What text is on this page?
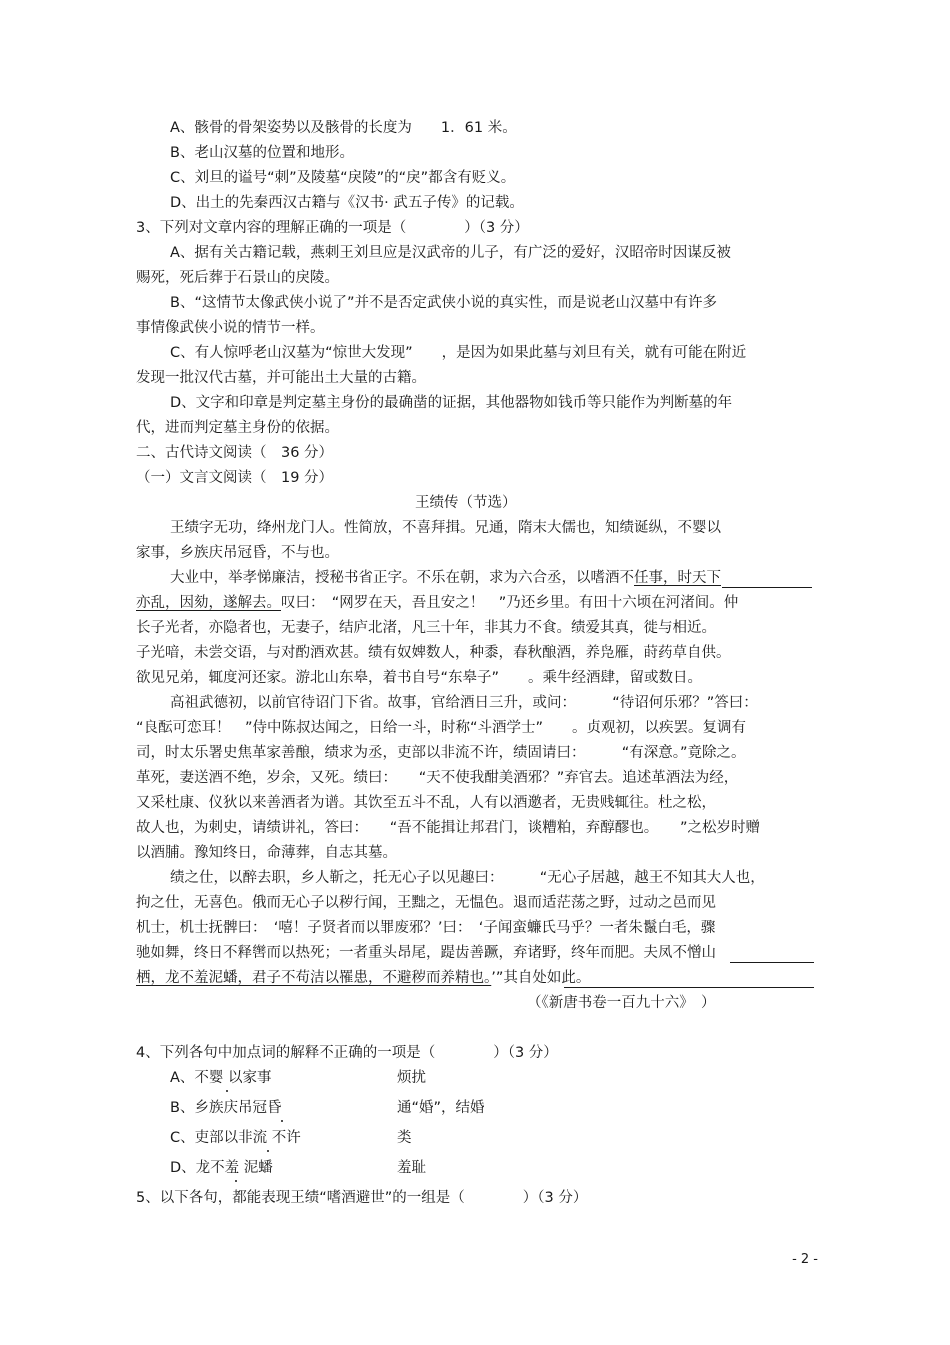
A、骸骨的骨架姿势以及骸骨的长度为　　1．61 米。
B、老山汉墓的位置和地形。
C、刘旦的谥号“刺”及陵墓“戾陵”的“戾”都含有贬义。
D、出土的先秦西汉古籍与《汉书· 武五子传》的记载。
3、下列对文章内容的理解正确的一项是（　　　　）（3 分）
A、据有关古籍记载，燕刺王刘旦应是汉武帝的儿子，有广泛的爱好，汉昭帝时因谋反被
赐死，死后葬于石景山的戾陵。
B、“这情节太像武侠小说了”并不是否定武侠小说的真实性，而是说老山汉墓中有许多
事情像武侠小说的情节一样。
C、有人惊呼老山汉墓为“惊世大发现”　　，是因为如果此墓与刘旦有关，就有可能在附近
发现一批汉代古墓，并可能出土大量的古籍。
D、文字和印章是判定墓主身份的最确凿的证据，其他器物如钱币等只能作为判断墓的年
代，进而判定墓主身份的依据。
二、古代诗文阅读（　36 分）
（一）文言文阅读（　19 分）
王绩传（节选）
王绩字无功，绛州龙门人。性简放，不喜拜揖。兄通，隋末大儒也，知绩诞纵，不婴以
家事，乡族庆吊冠昏，不与也。
大业中，举孝悌廉洁，授秘书省正字。不乐在朝，求为六合丞，以嗜酒不任事，时天下
亦乱，因劾，遂解去。叹曰：　“网罗在天，吾且安之！　”乃还乡里。有田十六顷在河渚间。仲
长子光者，亦隐者也，无妻子，结庐北渚，凡三十年，非其力不食。绩爱其真，徙与相近。
子光喑，未尝交语，与对酌酒欢甚。绩有奴婢数人，种黍，春秋酿酒，养凫雁，莳药草自供。
欲见兄弟，辄度河还家。游北山东皋，着书自号“东皋子”　　。乘牛经酒肆，留或数日。
高祖武德初，以前官待诏门下省。故事，官给酒日三升，或问：　　　“待诏何乐邪？”答曰：
“良酝可恋耳！　”侍中陈叔达闻之，日给一斗，时称“斗酒学士”　　。贞观初，以疾罢。复调有
司，时太乐署史焦革家善酿，绩求为丞，吏部以非流不许，绩固请曰：　　　“有深意。”竟除之。
革死，妻送酒不绝，岁余，又死。绩曰：　　“天不使我酣美酒邪？”弃官去。追述革酒法为经，
又采杜康、仪狄以来善酒者为谱。其饮至五斗不乱，人有以酒邀者，无贵贱辄往。杜之松，
故人也，为刺史，请绩讲礼，答曰：　　“吾不能揖让邦君门，谈糟粕，弃醇醪也。　　”之松岁时赠
以酒脯。豫知终日，命薄葬，自志其墓。
绩之仕，以醉去职，乡人靳之，托无心子以见趣曰：　　　“无心子居越，越王不知其大人也，
拘之仕，无喜色。俄而无心子以秽行闻，王黜之，无愠色。退而适茫荡之野，过动之邑而见
机士，机士抚髀曰：　‘嘻！子贤者而以罪废邪？’曰：　‘子闻蛮蠊氏马乎？一者朱鬣白毛，骤
驰如舞，终日不释辔而以热死；一者重头昂尾，踶齿善蹶，弃诸野，终年而肥。夫凤不憎山
栖，龙不羞泥蟠，君子不苟洁以罹患，不避秽而养精也。’”其自处如此。
（《新唐书卷一百九十六》　）
4、下列各句中加点词的解释不正确的一项是（　　　　）（3 分）
A、不婴 以家事	烦扰
B、乡族庆吊冠昏	通“婚”，结婚
C、吏部以非流 不许	类
D、龙不羞 泥蟠	羞耻
5、以下各句，都能表现王绩“嗜酒避世”的一组是（　　　　）（3 分）
- 2 -
